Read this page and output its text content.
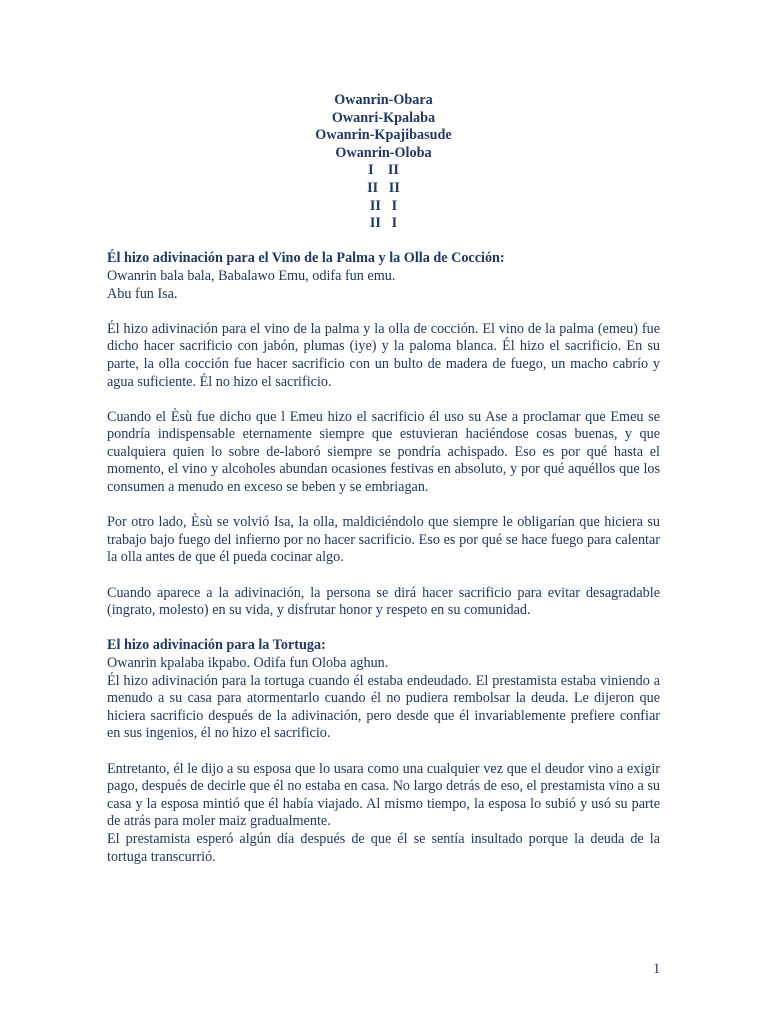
Owanrin-Obara
Owanri-Kpalaba
Owanrin-Kpajibasude
Owanrin-Oloba
I    II
II   II
II   I
II   I

Él hizo adivinación para el Vino de la Palma y la Olla de Cocción:

Owanrin bala bala, Babalawo Emu, odifa fun emu.

Abu fun Isa.

Él hizo adivinación para el vino de la palma y la olla de cocción. El vino de la palma (emeu) fue dicho hacer sacrificio con jabón, plumas (iye) y la paloma blanca. Él hizo el sacrificio. En su parte, la olla cocción fue hacer sacrificio con un bulto de madera de fuego, un macho cabrío y agua suficiente. Él no hizo el sacrificio.

Cuando el Èsù fue dicho que l Emeu hizo el sacrificio él uso su Ase a proclamar que Emeu se pondría indispensable eternamente siempre que estuvieran haciéndose cosas buenas, y que cualquiera quien lo sobre de-laboró siempre se pondría achispado. Eso es por qué hasta el momento, el vino y alcoholes abundan ocasiones festivas en absoluto, y por qué aquéllos que los consumen a menudo en exceso se beben y se embriagan.

Por otro lado, Èsù se volvió Isa, la olla, maldiciéndolo que siempre le obligarían que hiciera su trabajo bajo fuego del infierno por no hacer sacrificio. Eso es por qué se hace fuego para calentar la olla antes de que él pueda cocinar algo.

Cuando aparece a la adivinación, la persona se dirá hacer sacrificio para evitar desagradable (ingrato, molesto) en su vida, y disfrutar honor y respeto en su comunidad.

El hizo adivinación para la Tortuga:

Owanrin kpalaba ikpabo. Odifa fun Oloba aghun.

Él hizo adivinación para la tortuga cuando él estaba endeudado. El prestamista estaba viniendo a menudo a su casa para atormentarlo cuando él no pudiera rembolsar la deuda. Le dijeron que hiciera sacrificio después de la adivinación, pero desde que él invariablemente prefiere confiar en sus ingenios, él no hizo el sacrificio.

Entretanto, él le dijo a su esposa que lo usara como una cualquier vez que el deudor vino a exigir pago, después de decirle que él no estaba en casa. No largo detrás de eso, el prestamista vino a su casa y la esposa mintió que él había viajado. Al mismo tiempo, la esposa lo subió y usó su parte de atrás para moler maiz gradualmente.

El prestamista esperó algún día después de que él se sentía insultado porque la deuda de la tortuga transcurrió.

1
